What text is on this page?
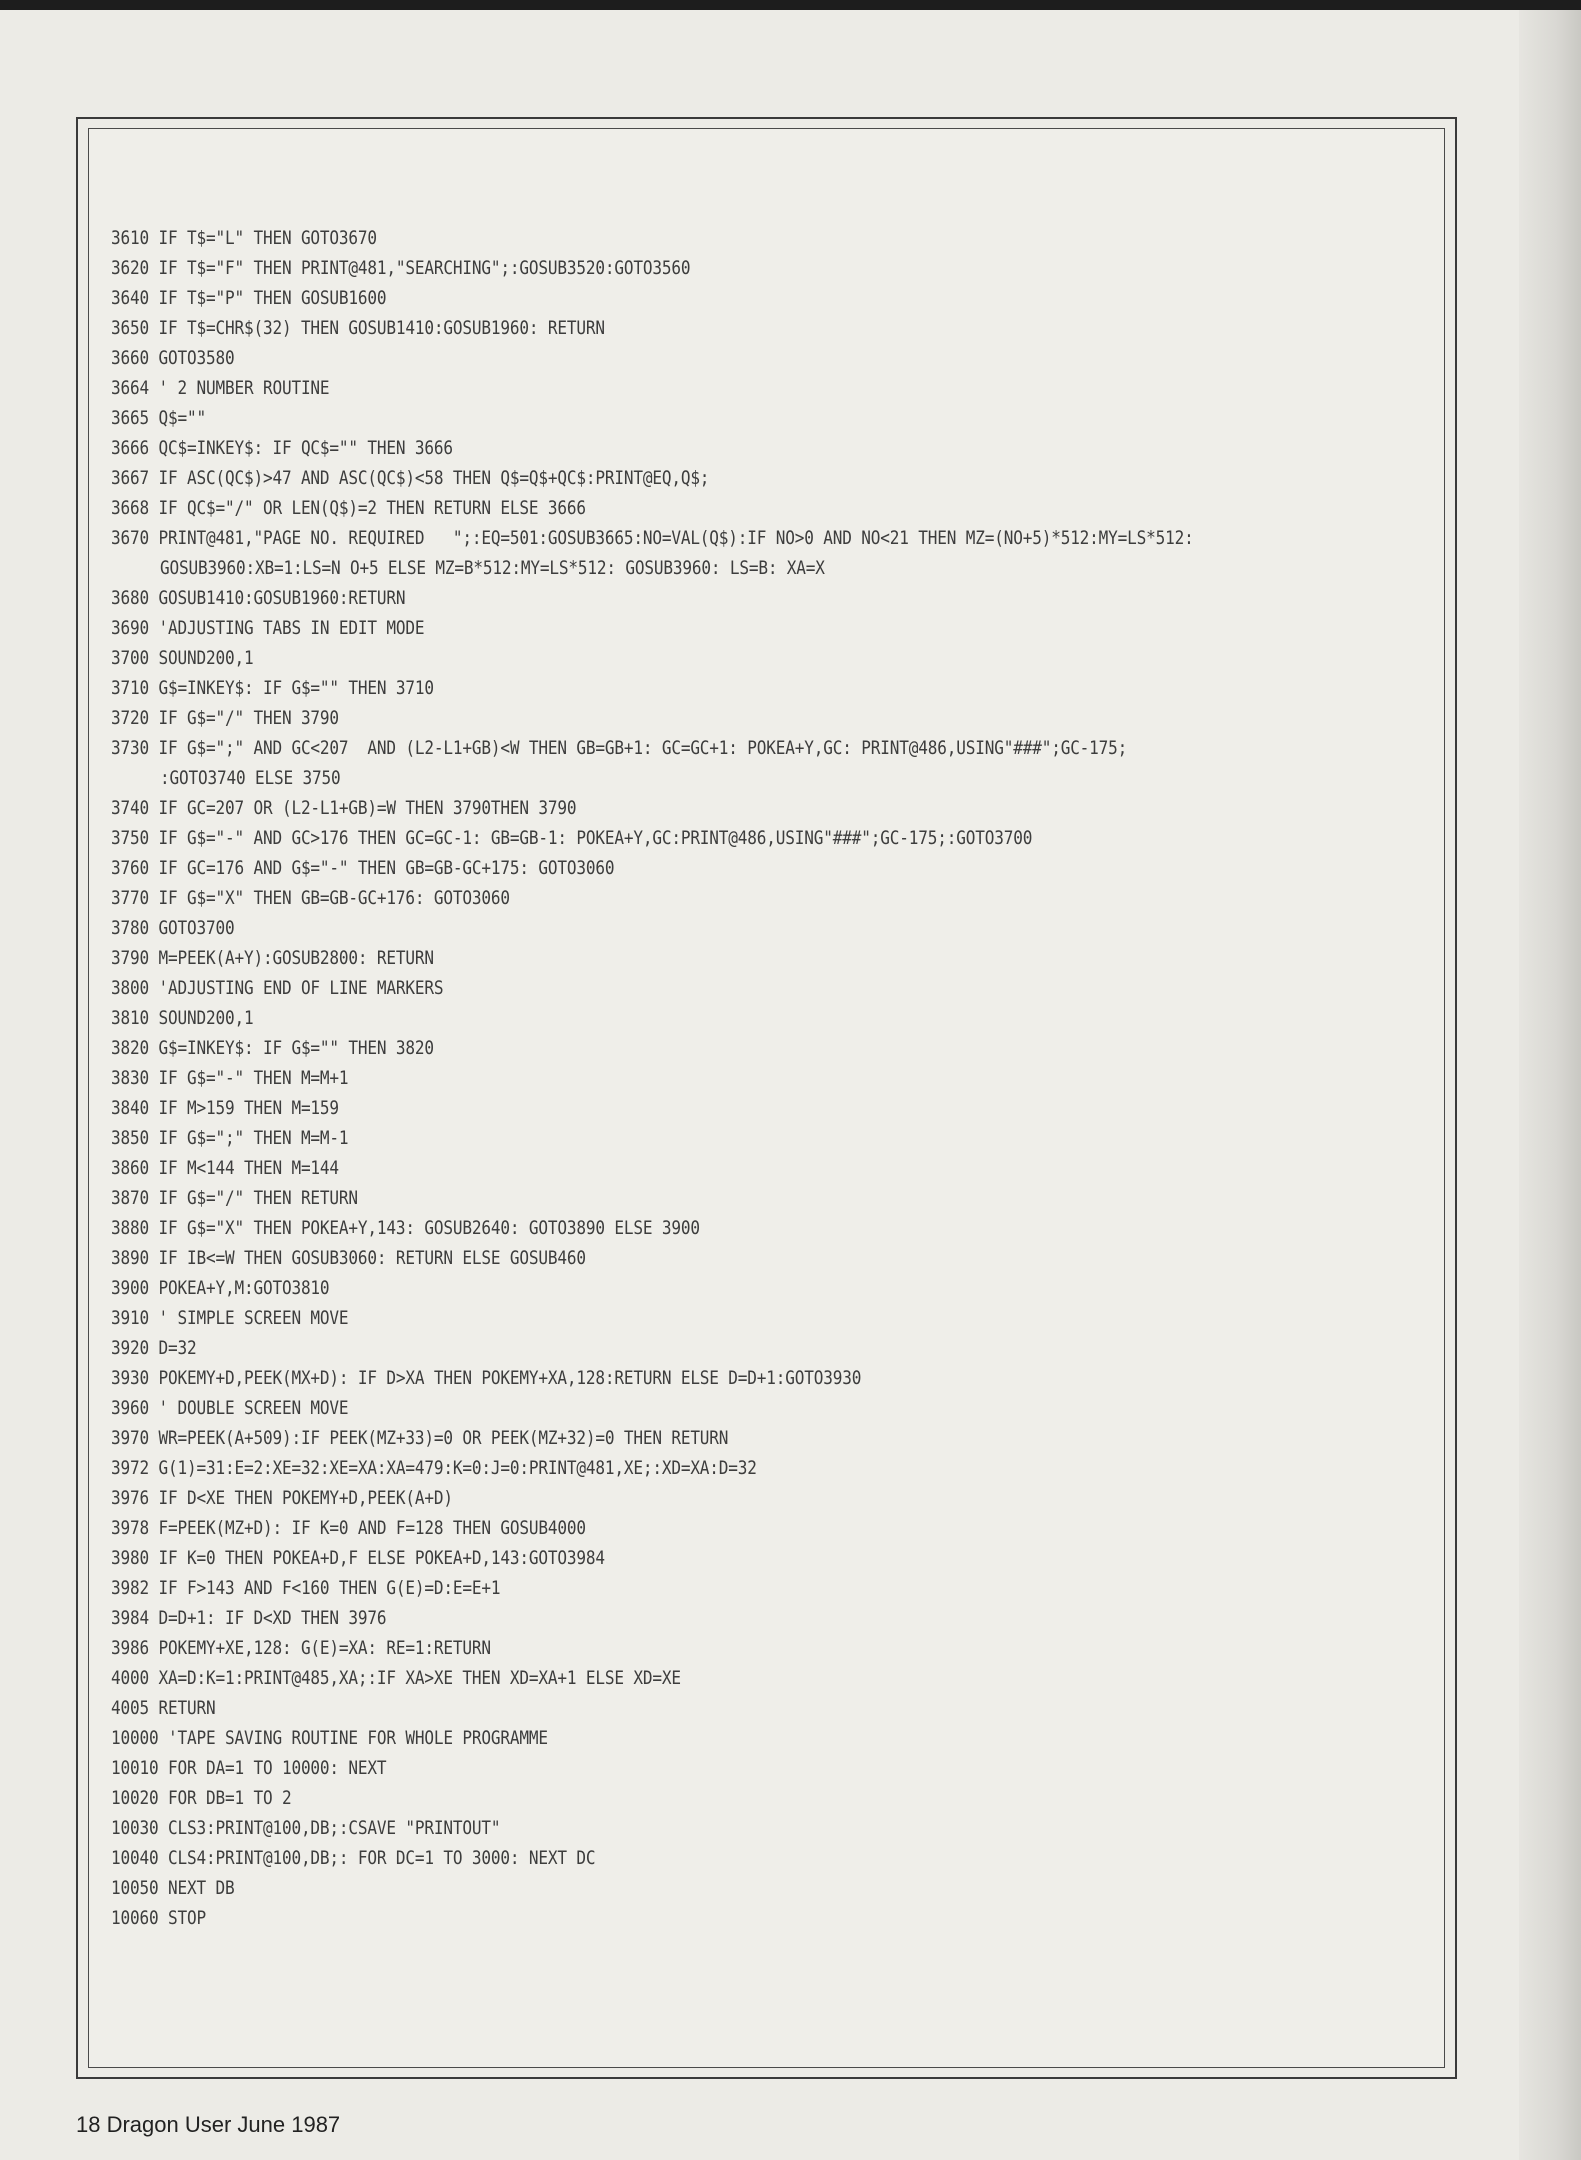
3610 IF T$="L" THEN GOTO3670
3620 IF T$="F" THEN PRINT@481,"SEARCHING";:GOSUB3520:GOTO3560
3640 IF T$="P" THEN GOSUB1600
3650 IF T$=CHR$(32) THEN GOSUB1410:GOSUB1960: RETURN
3660 GOTO3580
3664 ' 2 NUMBER ROUTINE
3665 Q$=""
3666 QC$=INKEY$: IF QC$="" THEN 3666
3667 IF ASC(QC$)>47 AND ASC(QC$)<58 THEN Q$=Q$+QC$:PRINT@EQ,Q$;
3668 IF QC$="/" OR LEN(Q$)=2 THEN RETURN ELSE 3666
3670 PRINT@481,"PAGE NO. REQUIRED   ";:EQ=501:GOSUB3665:NO=VAL(Q$):IF NO>0 AND NO<21 THEN MZ=(NO+5)*512:MY=LS*512:
GOSUB3960:XB=1:LS=N O+5 ELSE MZ=B*512:MY=LS*512: GOSUB3960: LS=B: XA=X
3680 GOSUB1410:GOSUB1960:RETURN
3690 'ADJUSTING TABS IN EDIT MODE
3700 SOUND200,1
3710 G$=INKEY$: IF G$="" THEN 3710
3720 IF G$="/" THEN 3790
3730 IF G$=";" AND GC<207  AND (L2-L1+GB)<W THEN GB=GB+1: GC=GC+1: POKEA+Y,GC: PRINT@486,USING"###";GC-175;
:GOTO3740 ELSE 3750
3740 IF GC=207 OR (L2-L1+GB)=W THEN 3790THEN 3790
3750 IF G$="-" AND GC>176 THEN GC=GC-1: GB=GB-1: POKEA+Y,GC:PRINT@486,USING"###";GC-175;:GOTO3700
3760 IF GC=176 AND G$="-" THEN GB=GB-GC+175: GOTO3060
3770 IF G$="X" THEN GB=GB-GC+176: GOTO3060
3780 GOTO3700
3790 M=PEEK(A+Y):GOSUB2800: RETURN
3800 'ADJUSTING END OF LINE MARKERS
3810 SOUND200,1
3820 G$=INKEY$: IF G$="" THEN 3820
3830 IF G$="-" THEN M=M+1
3840 IF M>159 THEN M=159
3850 IF G$=";" THEN M=M-1
3860 IF M<144 THEN M=144
3870 IF G$="/" THEN RETURN
3880 IF G$="X" THEN POKEA+Y,143: GOSUB2640: GOTO3890 ELSE 3900
3890 IF IB<=W THEN GOSUB3060: RETURN ELSE GOSUB460
3900 POKEA+Y,M:GOTO3810
3910 ' SIMPLE SCREEN MOVE
3920 D=32
3930 POKEMY+D,PEEK(MX+D): IF D>XA THEN POKEMY+XA,128:RETURN ELSE D=D+1:GOTO3930
3960 ' DOUBLE SCREEN MOVE
3970 WR=PEEK(A+509):IF PEEK(MZ+33)=0 OR PEEK(MZ+32)=0 THEN RETURN
3972 G(1)=31:E=2:XE=32:XE=XA:XA=479:K=0:J=0:PRINT@481,XE;:XD=XA:D=32
3976 IF D<XE THEN POKEMY+D,PEEK(A+D)
3978 F=PEEK(MZ+D): IF K=0 AND F=128 THEN GOSUB4000
3980 IF K=0 THEN POKEA+D,F ELSE POKEA+D,143:GOTO3984
3982 IF F>143 AND F<160 THEN G(E)=D:E=E+1
3984 D=D+1: IF D<XD THEN 3976
3986 POKEMY+XE,128: G(E)=XA: RE=1:RETURN
4000 XA=D:K=1:PRINT@485,XA;:IF XA>XE THEN XD=XA+1 ELSE XD=XE
4005 RETURN
10000 'TAPE SAVING ROUTINE FOR WHOLE PROGRAMME
10010 FOR DA=1 TO 10000: NEXT
10020 FOR DB=1 TO 2
10030 CLS3:PRINT@100,DB;:CSAVE "PRINTOUT"
10040 CLS4:PRINT@100,DB;: FOR DC=1 TO 3000: NEXT DC
10050 NEXT DB
10060 STOP
18 Dragon User June 1987
